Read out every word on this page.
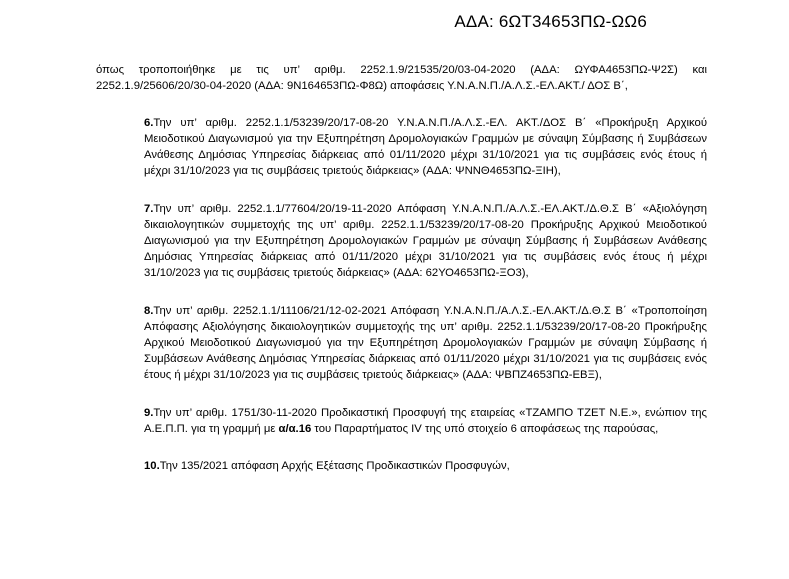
ΑΔΑ: 6ΩΤ34653ΠΩ-ΩΩ6
όπως τροποποιήθηκε με τις υπ’ αριθμ. 2252.1.9/21535/20/03-04-2020 (ΑΔΑ: ΩΥΦΑ4653ΠΩ-Ψ2Σ) και 2252.1.9/25606/20/30-04-2020 (ΑΔΑ: 9Ν164653ΠΩ-Φ8Ω) αποφάσεις Υ.Ν.Α.Ν.Π./Α.Λ.Σ.-ΕΛ.ΑΚΤ./ ΔΟΣ Β΄,
6.Την υπ’ αριθμ. 2252.1.1/53239/20/17-08-20 Υ.Ν.Α.Ν.Π./Α.Λ.Σ.-ΕΛ. ΑΚΤ./ΔΟΣ Β΄ «Προκήρυξη Αρχικού Μειοδοτικού Διαγωνισμού για την Εξυπηρέτηση Δρομολογιακών Γραμμών με σύναψη Σύμβασης ή Συμβάσεων Ανάθεσης Δημόσιας Υπηρεσίας διάρκειας από 01/11/2020 μέχρι 31/10/2021 για τις συμβάσεις ενός έτους ή μέχρι 31/10/2023 για τις συμβάσεις τριετούς διάρκειας» (ΑΔΑ: ΨΝΝΘ4653ΠΩ-ΞΙΗ),
7.Την υπ’ αριθμ. 2252.1.1/77604/20/19-11-2020 Απόφαση Υ.Ν.Α.Ν.Π./Α.Λ.Σ.-ΕΛ.ΑΚΤ./Δ.Θ.Σ Β΄ «Αξιολόγηση δικαιολογητικών συμμετοχής της υπ’ αριθμ. 2252.1.1/53239/20/17-08-20 Προκήρυξης Αρχικού Μειοδοτικού Διαγωνισμού για την Εξυπηρέτηση Δρομολογιακών Γραμμών με σύναψη Σύμβασης ή Συμβάσεων Ανάθεσης Δημόσιας Υπηρεσίας διάρκειας από 01/11/2020 μέχρι 31/10/2021 για τις συμβάσεις ενός έτους ή μέχρι 31/10/2023 για τις συμβάσεις τριετούς διάρκειας» (ΑΔΑ: 62ΥΟ4653ΠΩ-ΞΟ3),
8.Την υπ’ αριθμ. 2252.1.1/11106/21/12-02-2021 Απόφαση Υ.Ν.Α.Ν.Π./Α.Λ.Σ.-ΕΛ.ΑΚΤ./Δ.Θ.Σ Β΄ «Τροποποίηση Απόφασης Αξιολόγησης δικαιολογητικών συμμετοχής της υπ’ αριθμ. 2252.1.1/53239/20/17-08-20 Προκήρυξης Αρχικού Μειοδοτικού Διαγωνισμού για την Εξυπηρέτηση Δρομολογιακών Γραμμών με σύναψη Σύμβασης ή Συμβάσεων Ανάθεσης Δημόσιας Υπηρεσίας διάρκειας από 01/11/2020 μέχρι 31/10/2021 για τις συμβάσεις ενός έτους ή μέχρι 31/10/2023 για τις συμβάσεις τριετούς διάρκειας» (ΑΔΑ: ΨΒΠΖ4653ΠΩ-ΕΒΞ),
9.Την υπ’ αριθμ. 1751/30-11-2020 Προδικαστική Προσφυγή της εταιρείας «ΤΖΑΜΠΟ ΤΖΕΤ Ν.Ε.», ενώπιον της Α.Ε.Π.Π. για τη γραμμή με α/α.16 του Παραρτήματος IV της υπό στοιχείο 6 αποφάσεως της παρούσας,
10.Την 135/2021 απόφαση Αρχής Εξέτασης Προδικαστικών Προσφυγών,
